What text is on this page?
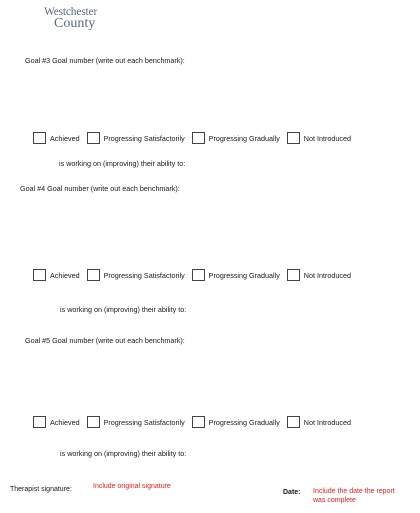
Westchester
County
Goal #3 Goal number (write out each benchmark):
Achieved	Progressing Satisfactorily	Progressing Gradually	Not Introduced
is working on (improving) their ability to:
Goal #4 Goal number (write out each benchmark):
Achieved	Progressing Satisfactorily	Progressing Gradually	Not Introduced
is working on (improving) their ability to:
Goal #5 Goal number (write out each benchmark):
Achieved	Progressing Satisfactorily	Progressing Gradually	Not Introduced
is working on (improving) their ability to:
Therapist signature:	Include original signature
Date: Include the date the report
was complete
